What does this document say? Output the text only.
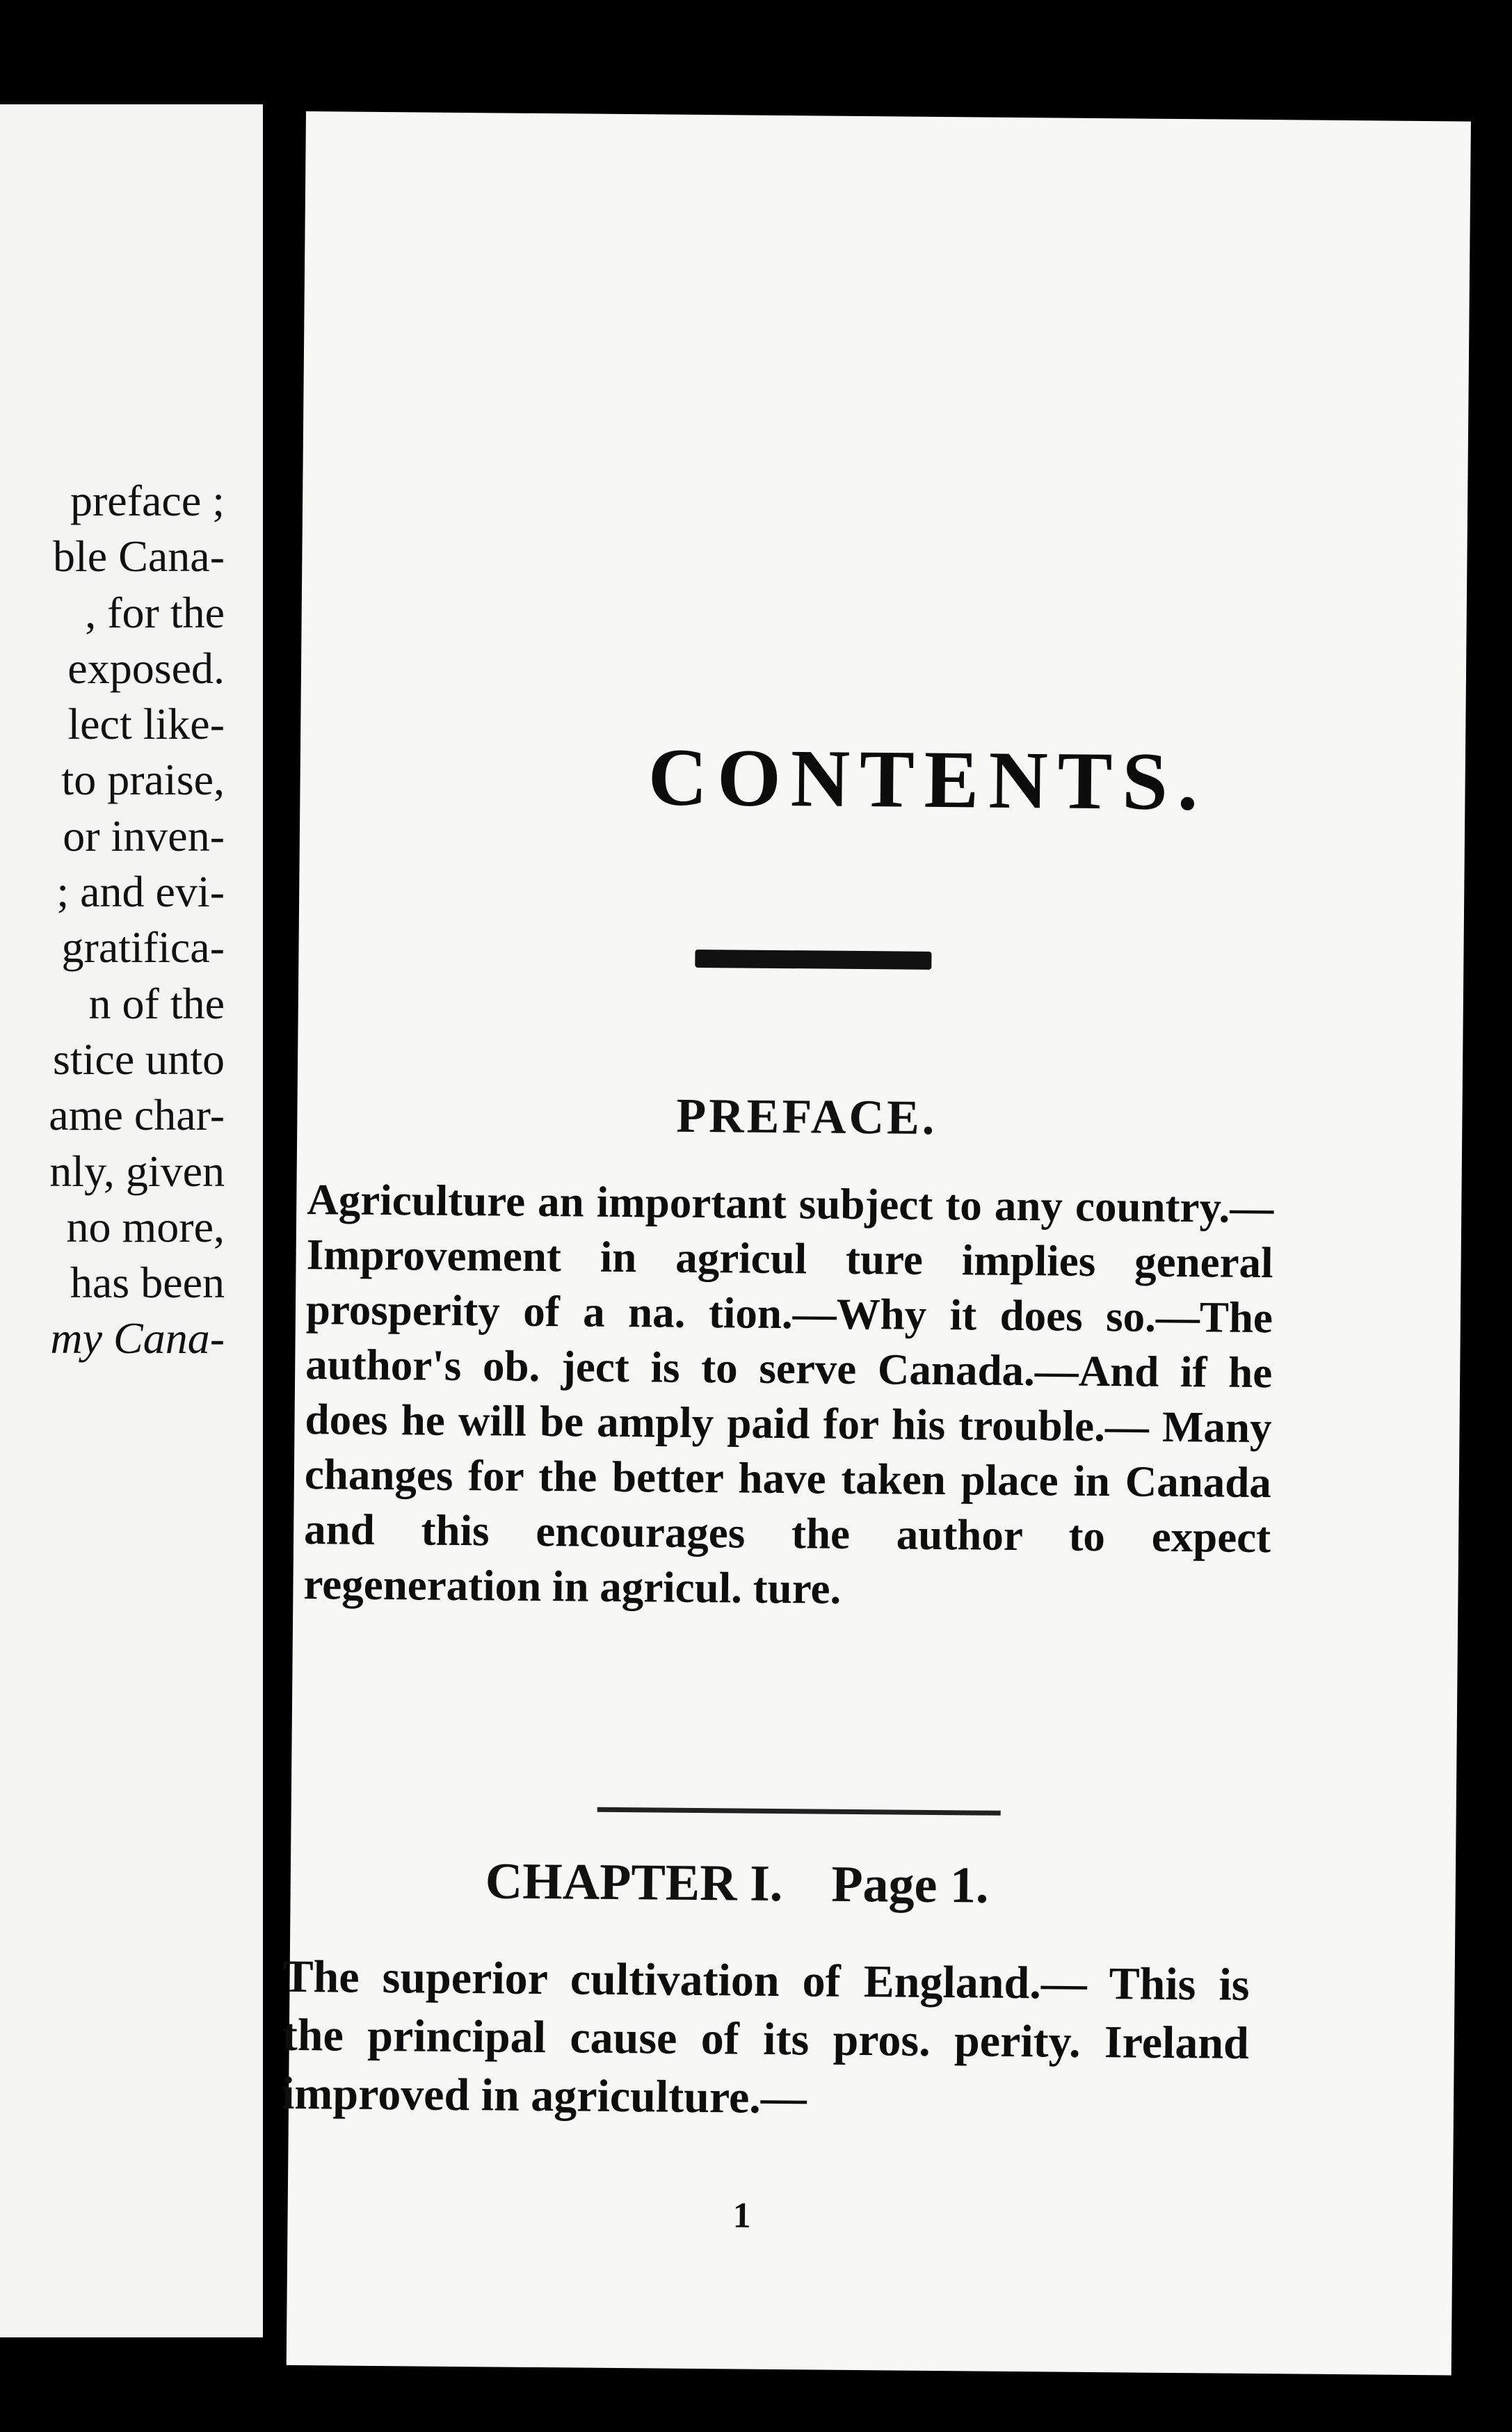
preface ;
ble Cana-
, for the
exposed.
lect like-
to praise,
or inven-
; and evi-
gratifica-
n of the
stice unto
ame char-
nly, given
no more,
has been
my Cana-
CONTENTS.
PREFACE.

Agriculture an important subject to any country.—Improvement in agricul ture implies general prosperity of a na. tion.—Why it does so.—The author's ob. ject is to serve Canada.—And if he does he will be amply paid for his trouble.— Many changes for the better have taken place in Canada and this encourages the author to expect regeneration in agricul. ture.

CHAPTER I. Page 1.

The superior cultivation of England.— This is the principal cause of its pros. perity. Ireland improved in agriculture.—

1
